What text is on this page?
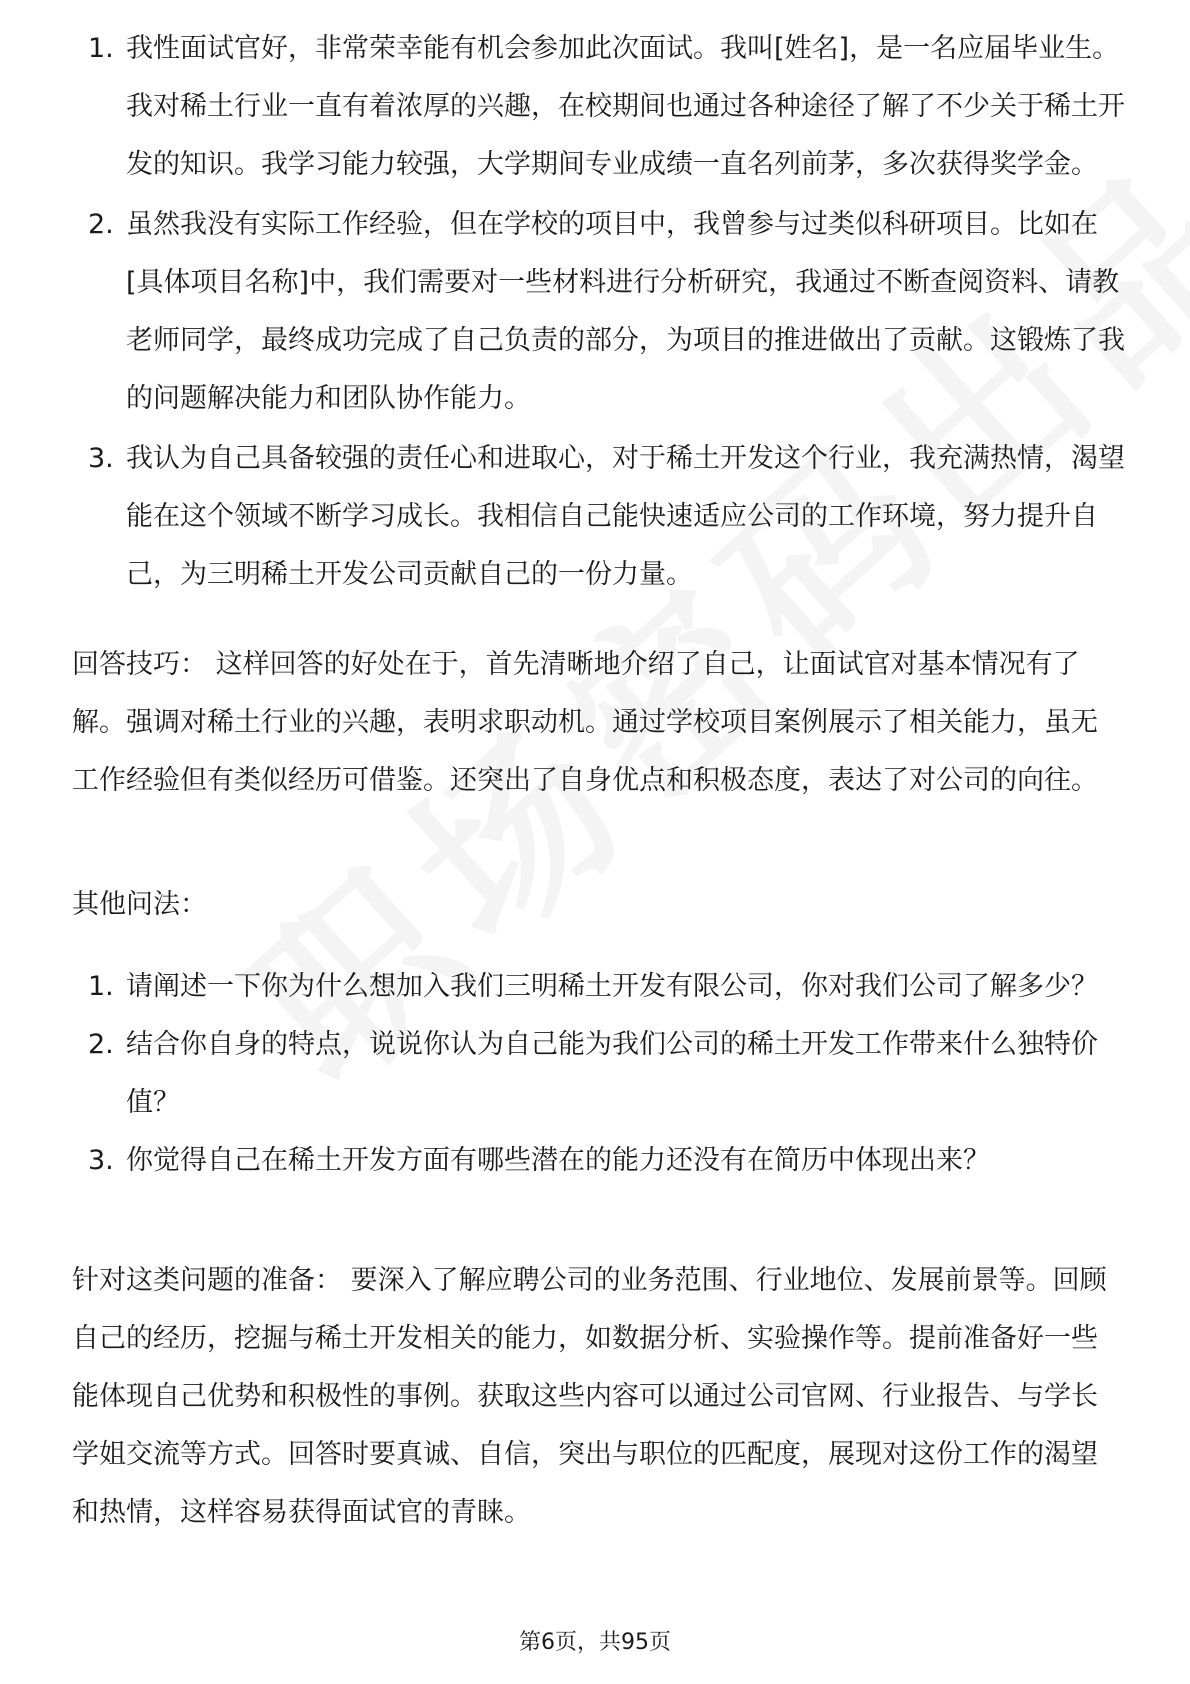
1. 我性面试官好，非常荣幸能有机会参加此次面试。我叫[姓名]，是一名应届毕业生。我对稀土行业一直有着浓厚的兴趣，在校期间也通过各种途径了解了不少关于稀土开发的知识。我学习能力较强，大学期间专业成绩一直名列前茅，多次获得奖学金。
2. 虽然我没有实际工作经验，但在学校的项目中，我曾参与过类似科研项目。比如在[具体项目名称]中，我们需要对一些材料进行分析研究，我通过不断查阅资料、请教老师同学，最终成功完成了自己负责的部分，为项目的推进做出了贡献。这锻炼了我的问题解决能力和团队协作能力。
3. 我认为自己具备较强的责任心和进取心，对于稀土开发这个行业，我充满热情，渴望能在这个领域不断学习成长。我相信自己能快速适应公司的工作环境，努力提升自己，为三明稀土开发公司贡献自己的一份力量。
回答技巧： 这样回答的好处在于，首先清晰地介绍了自己，让面试官对基本情况有了解。强调对稀土行业的兴趣，表明求职动机。通过学校项目案例展示了相关能力，虽无工作经验但有类似经历可借鉴。还突出了自身优点和积极态度，表达了对公司的向往。
其他问法：
1. 请阐述一下你为什么想加入我们三明稀土开发有限公司，你对我们公司了解多少？
2. 结合你自身的特点，说说你认为自己能为我们公司的稀土开发工作带来什么独特价值？
3. 你觉得自己在稀土开发方面有哪些潜在的能力还没有在简历中体现出来？
针对这类问题的准备： 要深入了解应聘公司的业务范围、行业地位、发展前景等。回顾自己的经历，挖掘与稀土开发相关的能力，如数据分析、实验操作等。提前准备好一些能体现自己优势和积极性的事例。获取这些内容可以通过公司官网、行业报告、与学长学姐交流等方式。回答时要真诚、自信，突出与职位的匹配度，展现对这份工作的渴望和热情，这样容易获得面试官的青睐。
第6页，共95页
